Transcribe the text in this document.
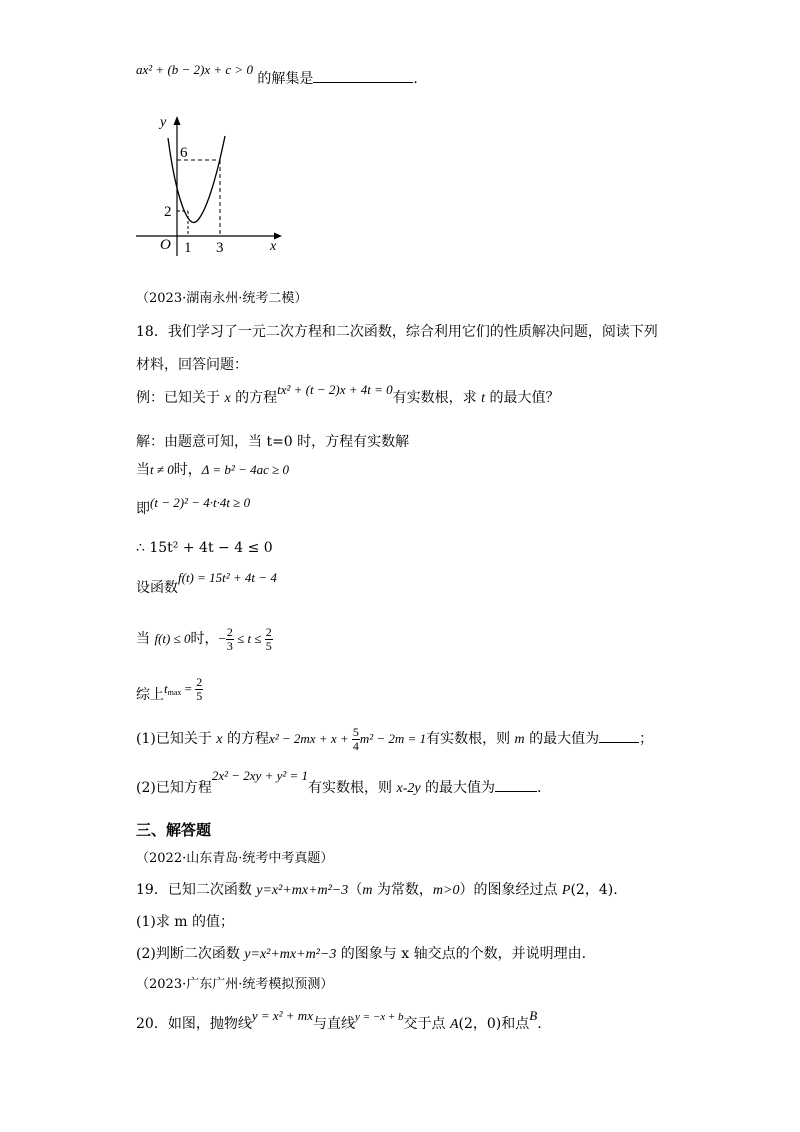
ax² + (b − 2)x + c > 0 的解集是	.
y
x
O
6
2
1 3
（2023·湖南永州·统考二模）
18．我们学习了一元二次方程和二次函数，综合利用它们的性质解决问题，阅读下列
材料，回答问题：
例：已知关于 x 的方程tx² + (t − 2)x + 4t = 0有实数根，求 t 的最大值？
解：由题意可知，当 t=0 时，方程有实数解
当t ≠ 0时，Δ = b² − 4ac ≥ 0
即(t − 2)² − 4·t·4t ≥ 0
∴ 15t² + 4t − 4 ≤ 0
设函数f(t) = 15t² + 4t − 4
当 f(t) ≤ 0时，− $\frac{2}{3} \le t \le \frac{2}{5}$
综上$t_{max} = \frac{2}{5}$
(1)已知关于 x 的方程$x^2 - 2mx + x + \frac{5}{4} m^2 - 2m = 1$有实数根，则 m 的最大值为	；
(2)已知方程2x² − 2xy + y² = 1有实数根，则 x-2y 的最大值为	.
三、解答题
（2022·山东青岛·统考中考真题）
19．已知二次函数 y=x²+mx+m²−3（m 为常数，m>0）的图象经过点 P(2，4).
(1)求 m 的值；
(2)判断二次函数 y=x²+mx+m²−3 的图象与 x 轴交点的个数，并说明理由.
（2023·广东广州·统考模拟预测）
20．如图，抛物线y = x² + mx与直线$^{y = -x + b}$交于点 A(2，0)和点B.
